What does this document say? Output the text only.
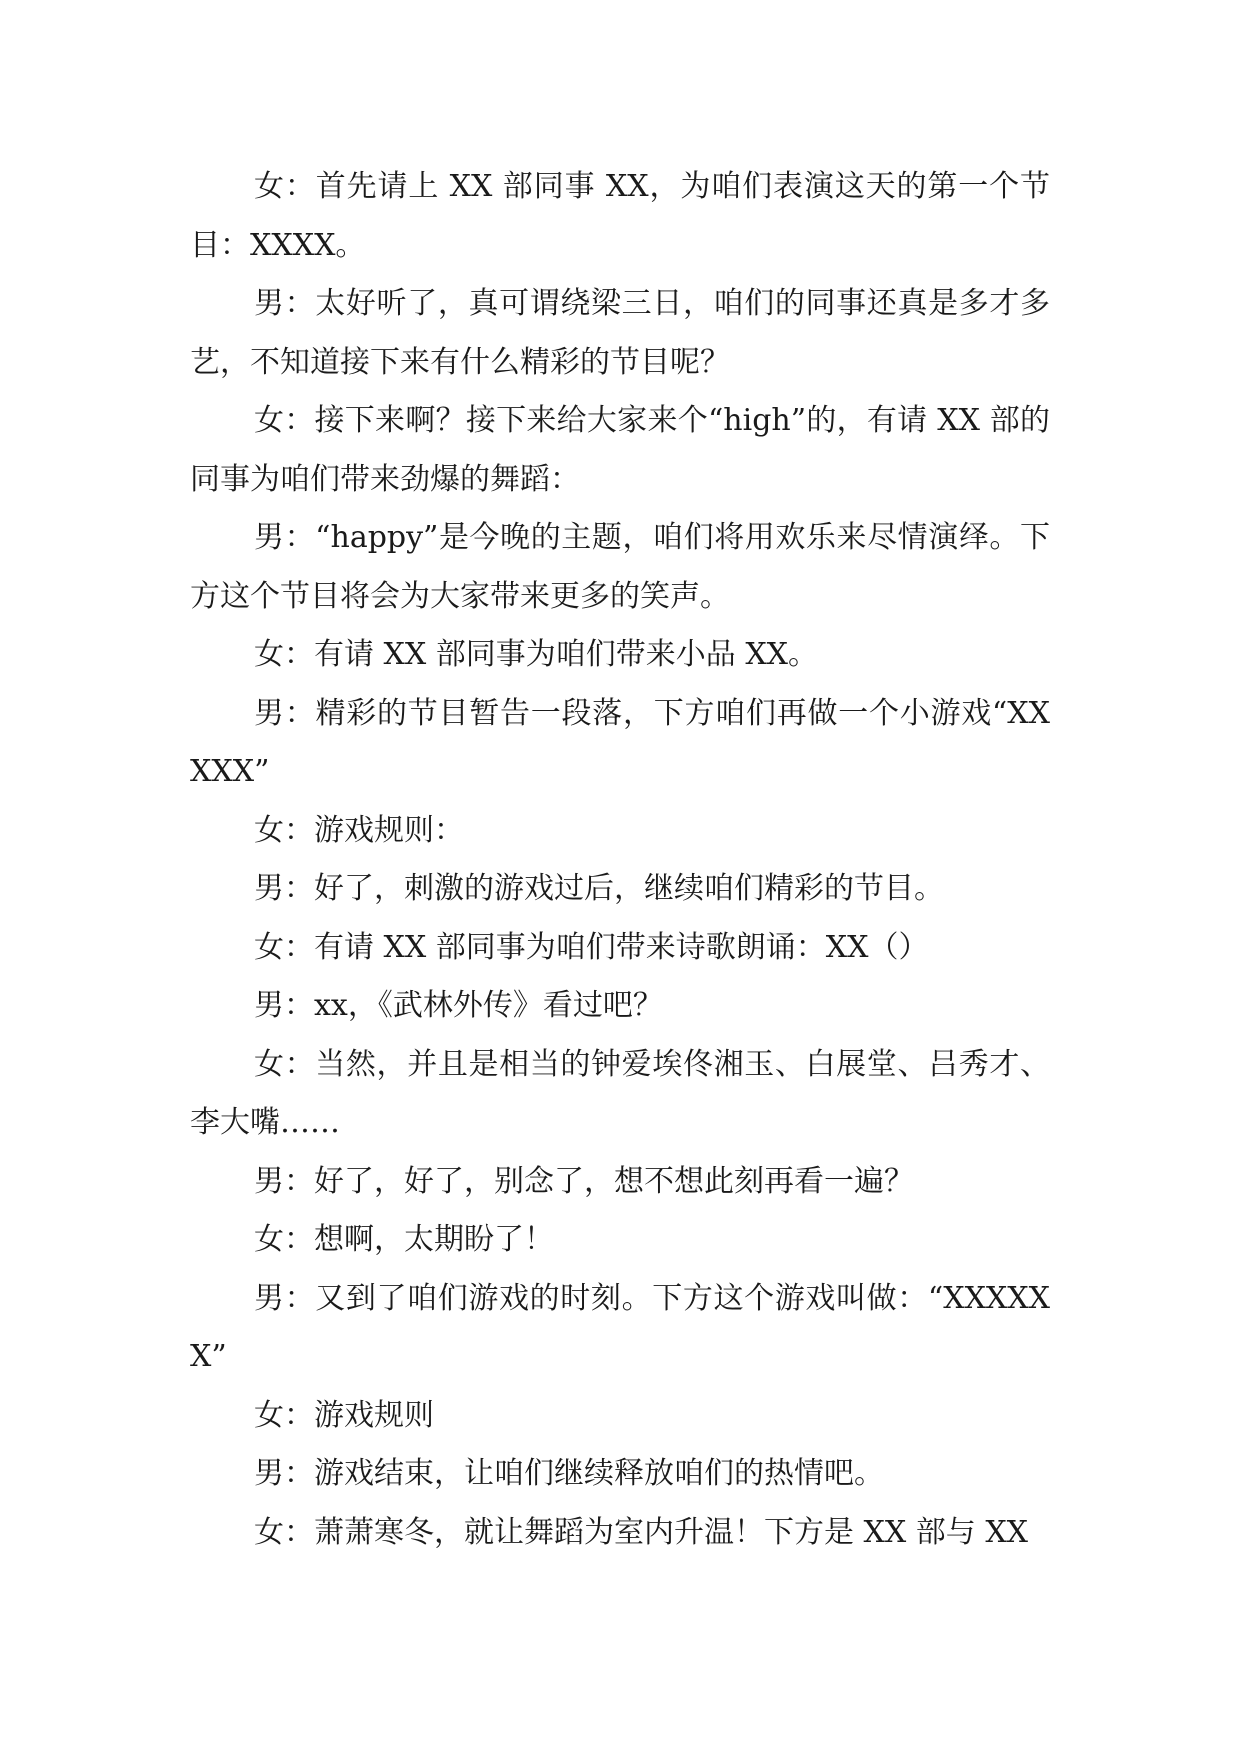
女：首先请上 XX 部同事 XX，为咱们表演这天的第一个节目：XXXX。

男：太好听了，真可谓绕梁三日，咱们的同事还真是多才多艺，不知道接下来有什么精彩的节目呢？

女：接下来啊？接下来给大家来个“high”的，有请 XX 部的同事为咱们带来劲爆的舞蹈：

男：“happy”是今晚的主题，咱们将用欢乐来尽情演绎。下方这个节目将会为大家带来更多的笑声。

女：有请 XX 部同事为咱们带来小品 XX。

男：精彩的节目暂告一段落，下方咱们再做一个小游戏“XXXXX”

女：游戏规则：

男：好了，刺激的游戏过后，继续咱们精彩的节目。

女：有请 XX 部同事为咱们带来诗歌朗诵：XX（）

男：xx，《武林外传》看过吧？

女：当然，并且是相当的钟爱埃佟湘玉、白展堂、吕秀才、李大嘴……

男：好了，好了，别念了，想不想此刻再看一遍？

女：想啊，太期盼了！

男：又到了咱们游戏的时刻。下方这个游戏叫做：“XXXXXX”

女：游戏规则

男：游戏结束，让咱们继续释放咱们的热情吧。

女：萧萧寒冬，就让舞蹈为室内升温！下方是 XX 部与 XX
